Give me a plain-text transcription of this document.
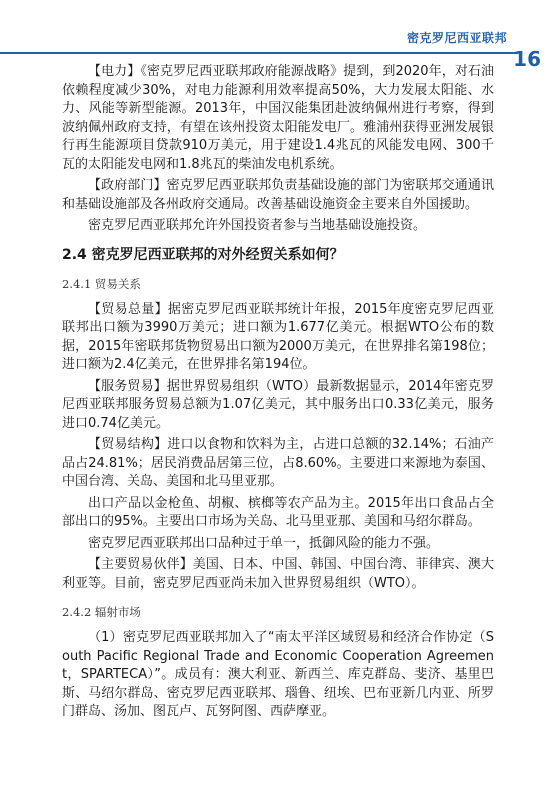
密克罗尼西亚联邦
16

【电力】《密克罗尼西亚联邦政府能源战略》提到，到2020年，对石油依赖程度减少30%，对电力能源利用效率提高50%，大力发展太阳能、水力、风能等新型能源。2013年，中国汉能集团赴波纳佩州进行考察，得到波纳佩州政府支持，有望在该州投资太阳能发电厂。雅浦州获得亚洲发展银行再生能源项目贷款910万美元，用于建设1.4兆瓦的风能发电网、300千瓦的太阳能发电网和1.8兆瓦的柴油发电机系统。

【政府部门】密克罗尼西亚联邦负责基础设施的部门为密联邦交通通讯和基础设施部及各州政府交通局。改善基础设施资金主要来自外国援助。

密克罗尼西亚联邦允许外国投资者参与当地基础设施投资。

2.4 密克罗尼西亚联邦的对外经贸关系如何？
2.4.1 贸易关系

【贸易总量】据密克罗尼西亚联邦统计年报，2015年度密克罗尼西亚联邦出口额为3990万美元；进口额为1.677亿美元。根据WTO公布的数据，2015年密联邦货物贸易出口额为2000万美元，在世界排名第198位；进口额为2.4亿美元，在世界排名第194位。

【服务贸易】据世界贸易组织（WTO）最新数据显示，2014年密克罗尼西亚联邦服务贸易总额为1.07亿美元，其中服务出口0.33亿美元，服务进口0.74亿美元。

【贸易结构】进口以食物和饮料为主，占进口总额的32.14%；石油产品占24.81%；居民消费品居第三位，占8.60%。主要进口来源地为泰国、中国台湾、关岛、美国和北马里亚那。

出口产品以金枪鱼、胡椒、槟榔等农产品为主。2015年出口食品占全部出口的95%。主要出口市场为关岛、北马里亚那、美国和马绍尔群岛。

密克罗尼西亚联邦出口品种过于单一，抵御风险的能力不强。

【主要贸易伙伴】美国、日本、中国、韩国、中国台湾、菲律宾、澳大利亚等。目前，密克罗尼西亚尚未加入世界贸易组织（WTO）。

2.4.2 辐射市场

（1）密克罗尼西亚联邦加入了“南太平洋区域贸易和经济合作协定（South Pacific Regional Trade and Economic Cooperation Agreement，SPARTECA）”。成员有：澳大利亚、新西兰、库克群岛、斐济、基里巴斯、马绍尔群岛、密克罗尼西亚联邦、瑙鲁、纽埃、巴布亚新几内亚、所罗门群岛、汤加、图瓦卢、瓦努阿图、西萨摩亚。
